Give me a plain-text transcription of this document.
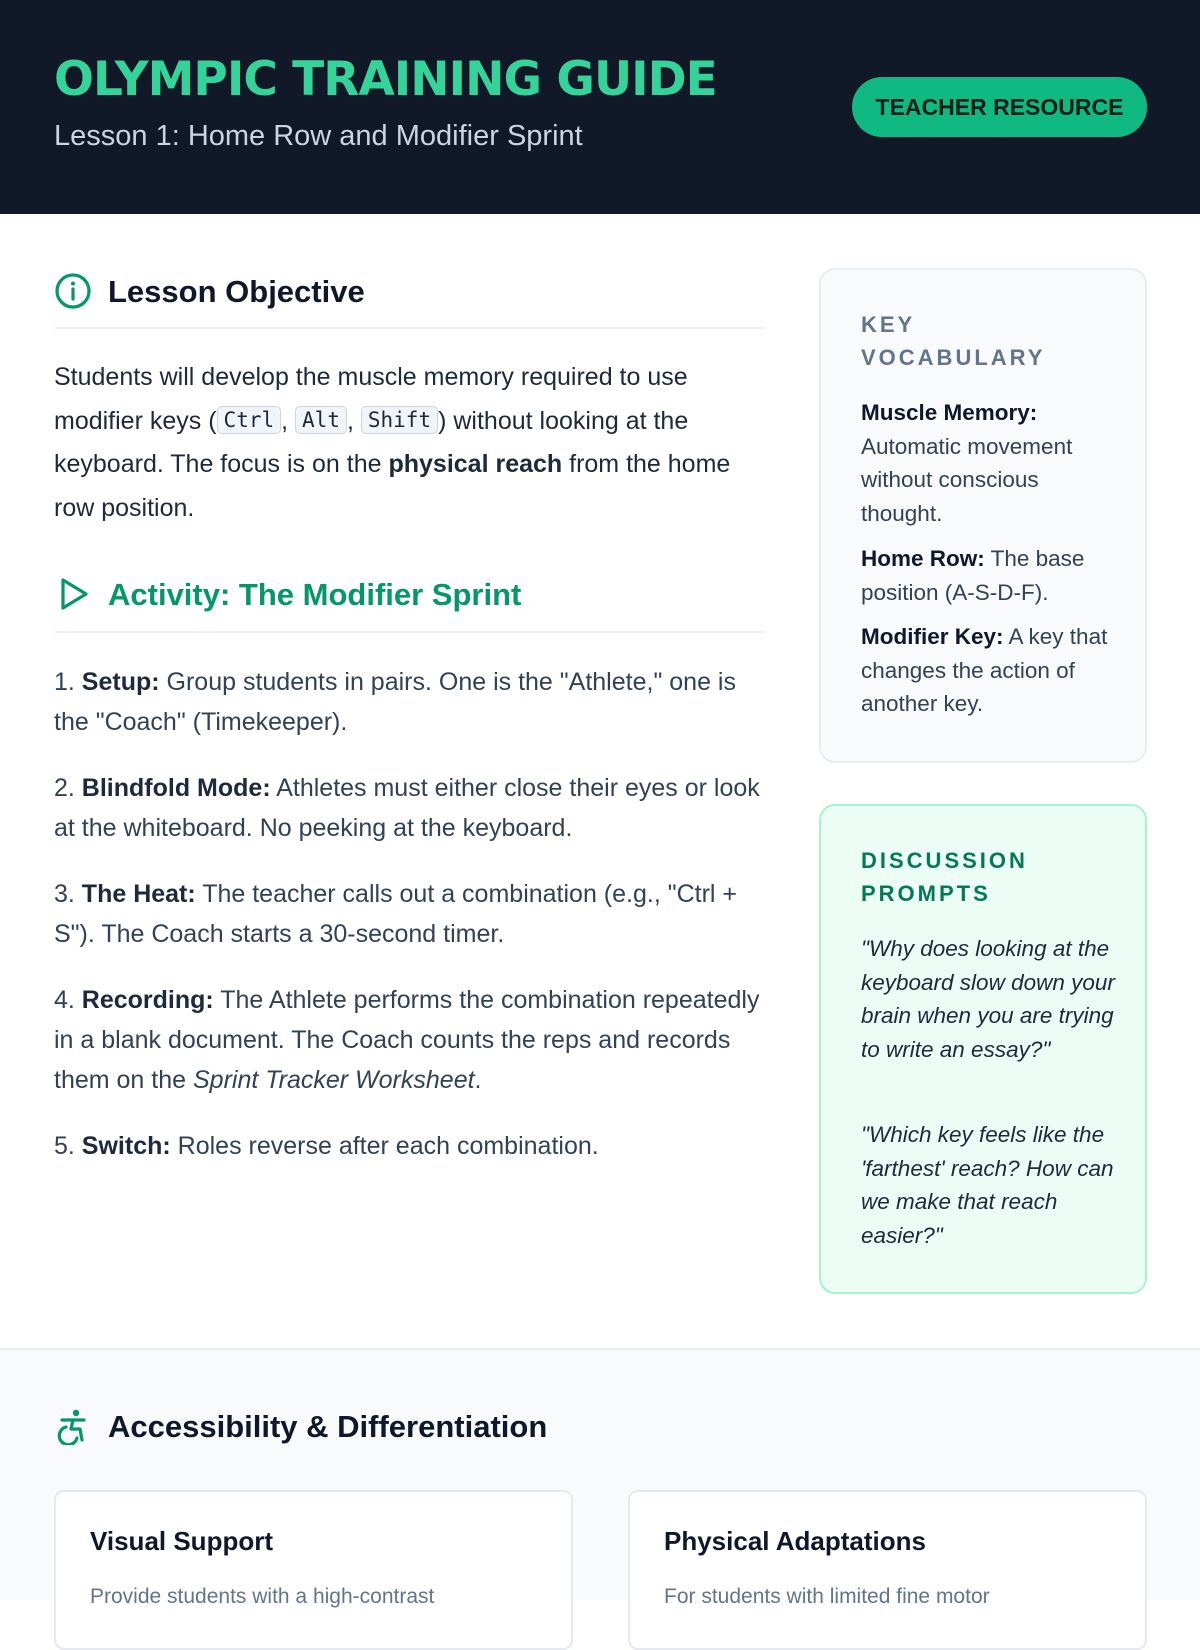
OLYMPIC TRAINING GUIDE
Lesson 1: Home Row and Modifier Sprint
TEACHER RESOURCE
Lesson Objective

Students will develop the muscle memory required to use modifier keys ( Ctrl , Alt , Shift ) without looking at the keyboard. The focus is on the physical reach from the home row position.

Activity: The Modifier Sprint

1. Setup: Group students in pairs. One is the "Athlete," one is the "Coach" (Timekeeper).

2. Blindfold Mode: Athletes must either close their eyes or look at the whiteboard. No peeking at the keyboard.

3. The Heat: The teacher calls out a combination (e.g., "Ctrl + S"). The Coach starts a 30-second timer.

4. Recording: The Athlete performs the combination repeatedly in a blank document. The Coach counts the reps and records them on the Sprint Tracker Worksheet.

5. Switch: Roles reverse after each combination.

KEY VOCABULARY

Muscle Memory: Automatic movement without conscious thought.

Home Row: The base position (A-S-D-F).

Modifier Key: A key that changes the action of another key.

DISCUSSION PROMPTS

"Why does looking at the keyboard slow down your brain when you are trying to write an essay?"

"Which key feels like the 'farthest' reach? How can we make that reach easier?"

Accessibility & Differentiation
Visual Support

Provide students with a high-contrast

Physical Adaptations

For students with limited fine motor
